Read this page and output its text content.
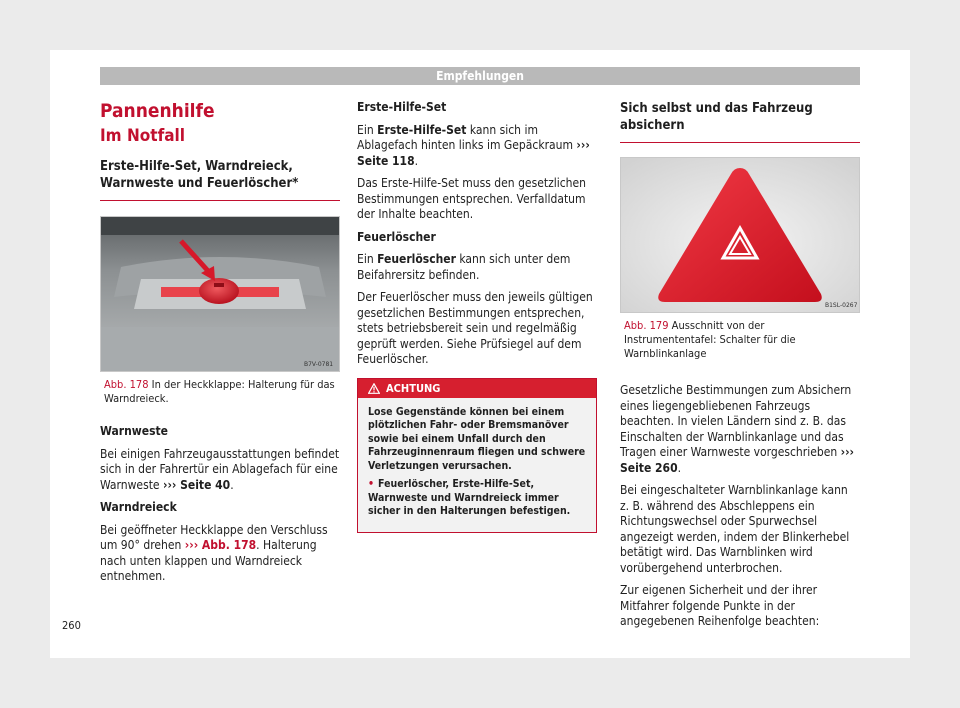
Empfehlungen
Pannenhilfe
Im Notfall
Erste-Hilfe-Set, Warndreieck, Warnweste und Feuerlöscher*
B7V-0781
Abb. 178 In der Heckklappe: Halterung für das Warndreieck.

Warnweste

Bei einigen Fahrzeugausstattungen befindet sich in der Fahrertür ein Ablagefach für eine Warnweste ››› Seite 40.

Warndreieck

Bei geöffneter Heckklappe den Verschluss um 90° drehen ››› Abb. 178. Halterung nach unten klappen und Warndreieck entnehmen.

Erste-Hilfe-Set

Ein Erste-Hilfe-Set kann sich im Ablagefach hinten links im Gepäckraum ››› Seite 118.

Das Erste-Hilfe-Set muss den gesetzlichen Bestimmungen entsprechen. Verfalldatum der Inhalte beachten.

Feuerlöscher

Ein Feuerlöscher kann sich unter dem Beifahrersitz befinden.

Der Feuerlöscher muss den jeweils gültigen gesetzlichen Bestimmungen entsprechen, stets betriebsbereit sein und regelmäßig geprüft werden. Siehe Prüfsiegel auf dem Feuerlöscher.

ACHTUNG

Lose Gegenstände können bei einem plötzlichen Fahr- oder Bremsmanöver sowie bei einem Unfall durch den Fahrzeuginnenraum fliegen und schwere Verletzungen verursachen.

• Feuerlöscher, Erste-Hilfe-Set, Warnweste und Warndreieck immer sicher in den Halterungen befestigen.

Sich selbst und das Fahrzeug absichern
B1SL-0267
Abb. 179 Ausschnitt von der Instrumententafel: Schalter für die Warnblinkanlage

Gesetzliche Bestimmungen zum Absichern eines liegengebliebenen Fahrzeugs beachten. In vielen Ländern sind z. B. das Einschalten der Warnblinkanlage und das Tragen einer Warnweste vorgeschrieben ››› Seite 260.

Bei eingeschalteter Warnblinkanlage kann z. B. während des Abschleppens ein Richtungswechsel oder Spurwechsel angezeigt werden, indem der Blinkerhebel betätigt wird. Das Warnblinken wird vorübergehend unterbrochen.

Zur eigenen Sicherheit und der ihrer Mitfahrer folgende Punkte in der angegebenen Reihenfolge beachten:

260
